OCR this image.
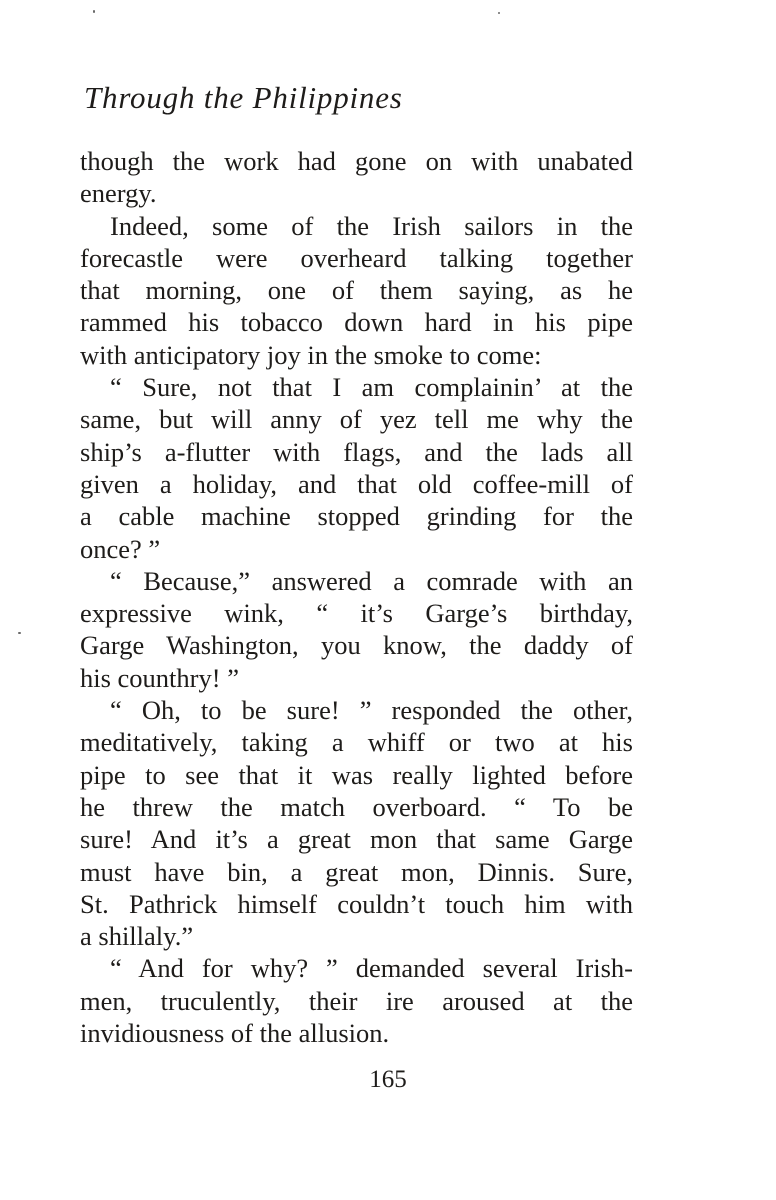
Through the Philippines
though the work had gone on with unabated
energy.
Indeed, some of the Irish sailors in the
forecastle were overheard talking together
that morning, one of them saying, as he
rammed his tobacco down hard in his pipe
with anticipatory joy in the smoke to come:
“ Sure, not that I am complainin’ at the
same, but will anny of yez tell me why the
ship’s a-flutter with flags, and the lads all
given a holiday, and that old coffee-mill of
a cable machine stopped grinding for the
once? ”
“ Because,” answered a comrade with an
expressive wink, “ it’s Garge’s birthday,
Garge Washington, you know, the daddy of
his counthry! ”
“ Oh, to be sure! ” responded the other,
meditatively, taking a whiff or two at his
pipe to see that it was really lighted before
he threw the match overboard. “ To be
sure! And it’s a great mon that same Garge
must have bin, a great mon, Dinnis. Sure,
St. Pathrick himself couldn’t touch him with
a shillaly.”
“ And for why? ” demanded several Irish-
men, truculently, their ire aroused at the
invidiousness of the allusion.
165
